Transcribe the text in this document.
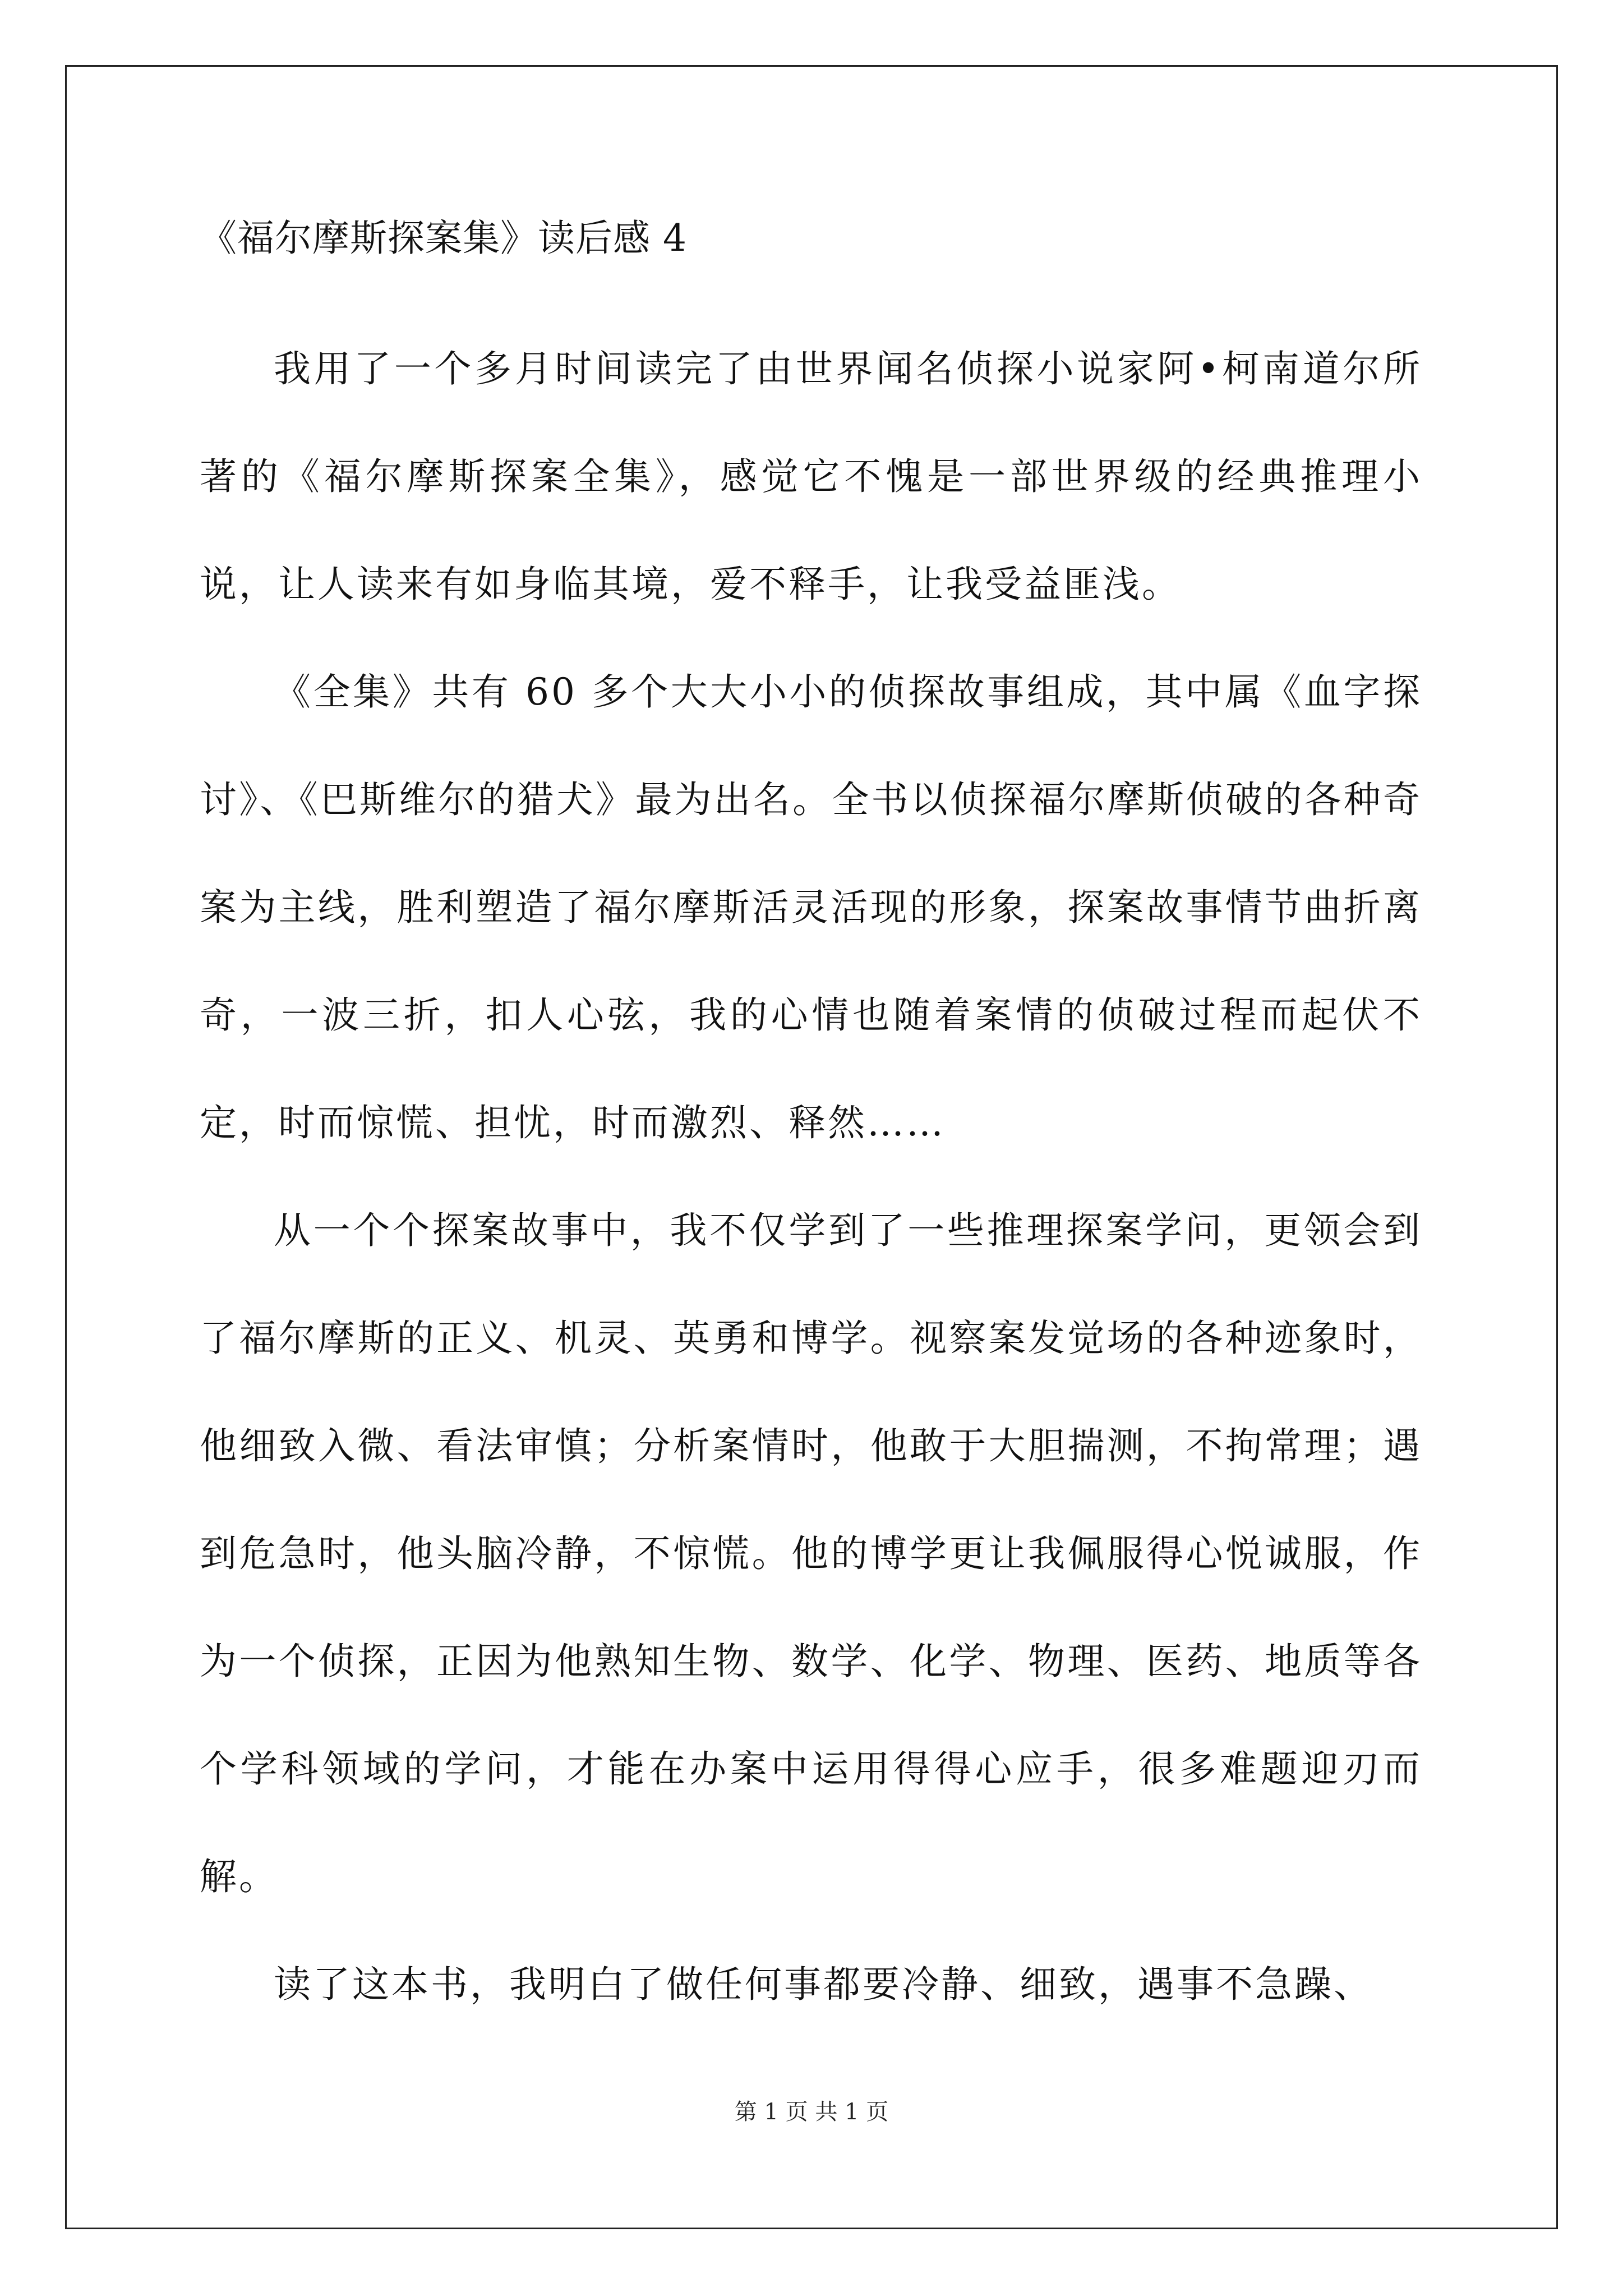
《福尔摩斯探案集》读后感 4

我用了一个多月时间读完了由世界闻名侦探小说家阿•柯南道尔所著的《福尔摩斯探案全集》，感觉它不愧是一部世界级的经典推理小说，让人读来有如身临其境，爱不释手，让我受益匪浅。

《全集》共有 60 多个大大小小的侦探故事组成，其中属《血字探讨》、《巴斯维尔的猎犬》最为出名。全书以侦探福尔摩斯侦破的各种奇案为主线，胜利塑造了福尔摩斯活灵活现的形象，探案故事情节曲折离奇，一波三折，扣人心弦，我的心情也随着案情的侦破过程而起伏不定，时而惊慌、担忧，时而激烈、释然……

从一个个探案故事中，我不仅学到了一些推理探案学问，更领会到了福尔摩斯的正义、机灵、英勇和博学。视察案发觉场的各种迹象时，他细致入微、看法审慎；分析案情时，他敢于大胆揣测，不拘常理；遇到危急时，他头脑冷静，不惊慌。他的博学更让我佩服得心悦诚服，作为一个侦探，正因为他熟知生物、数学、化学、物理、医药、地质等各个学科领域的学问，才能在办案中运用得得心应手，很多难题迎刃而解。

读了这本书，我明白了做任何事都要冷静、细致，遇事不急躁、

第 1 页 共 1 页
